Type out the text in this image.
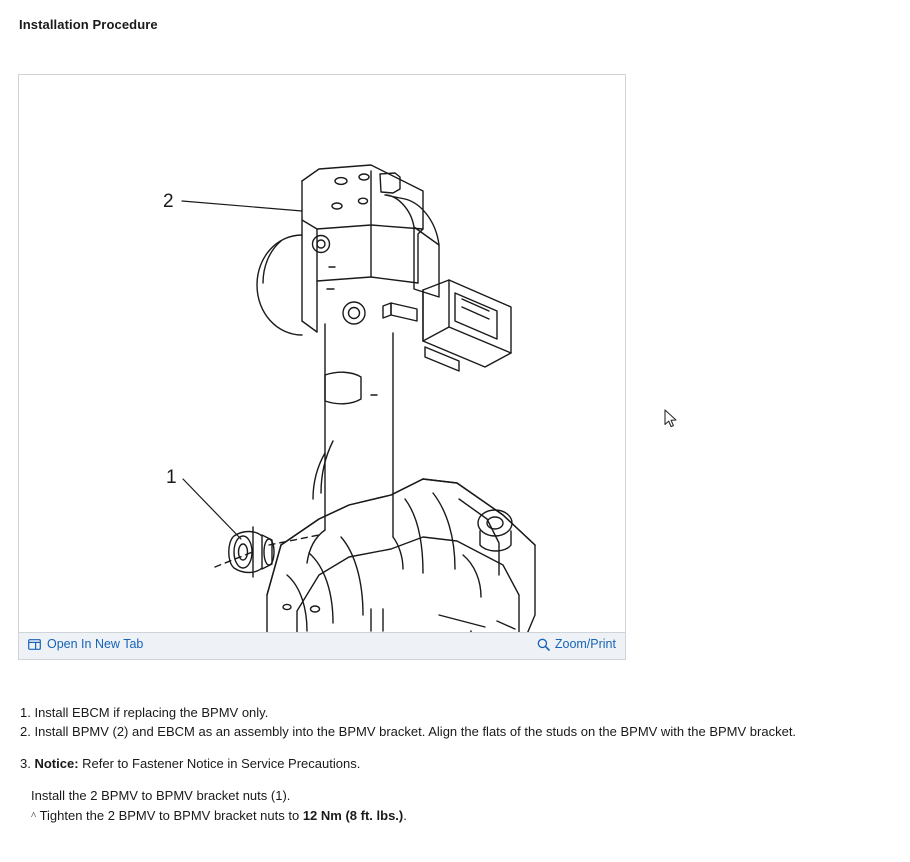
Installation Procedure
2
1
Open In New Tab	Zoom/Print
1. Install EBCM if replacing the BPMV only.
2. Install BPMV (2) and EBCM as an assembly into the BPMV bracket. Align the flats of the studs on the BPMV with the BPMV bracket.
3. Notice: Refer to Fastener Notice in Service Precautions.
Install the 2 BPMV to BPMV bracket nuts (1).
^ Tighten the 2 BPMV to BPMV bracket nuts to 12 Nm (8 ft. lbs.).
